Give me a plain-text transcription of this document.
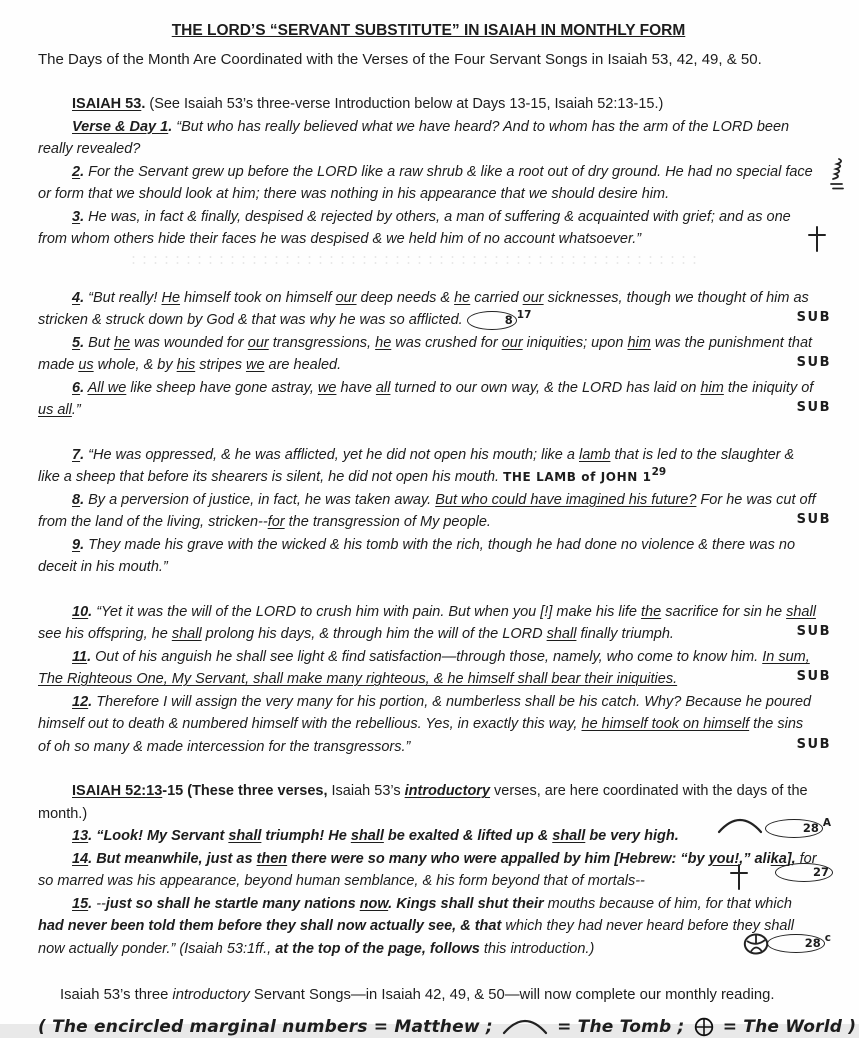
THE LORD’S “SERVANT SUBSTITUTE” IN ISAIAH IN MONTHLY FORM

The Days of the Month Are Coordinated with the Verses of the Four Servant Songs in Isaiah 53, 42, 49, & 50.

ISAIAH 53. (See Isaiah 53’s three-verse Introduction below at Days 13-15, Isaiah 52:13-15.)

Verse & Day 1. “But who has really believed what we have heard? And to whom has the arm of the LORD been really revealed?

2. For the Servant grew up before the LORD like a raw shrub & like a root out of dry ground. He had no special face or form that we should look at him; there was nothing in his appearance that we should desire him.

3. He was, in fact & finally, despised & rejected by others, a man of suffering & acquainted with grief; and as one from whom others hide their faces he was despised & we held him of no account whatsoever.”

4. “But really! He himself took on himself our deep needs & he carried our sicknesses, though we thought of him as stricken & struck down by God & that was why he was so afflicted.	8 $^{17}$	SUB

5. But he was wounded for our transgressions, he was crushed for our iniquities; upon him was the punishment that made us whole, & by his stripes we are healed.	SUB

6. All we like sheep have gone astray, we have all turned to our own way, & the LORD has laid on him the iniquity of us all.”	SUB

7. “He was oppressed, & he was afflicted, yet he did not open his mouth; like a lamb that is led to the slaughter & like a sheep that before its shearers is silent, he did not open his mouth. THE LAMB of JOHN $1^{29}$

8. By a perversion of justice, in fact, he was taken away. But who could have imagined his future? For he was cut off from the land of the living, stricken--for the transgression of My people.	SUB

9. They made his grave with the wicked & his tomb with the rich, though he had done no violence & there was no deceit in his mouth.”

10. “Yet it was the will of the LORD to crush him with pain. But when you [!] make his life the sacrifice for sin he shall see his offspring, he shall prolong his days, & through him the will of the LORD shall finally triumph.	SUB

11. Out of his anguish he shall see light & find satisfaction—through those, namely, who come to know him. In sum, The Righteous One, My Servant, shall make many righteous, & he himself shall bear their iniquities.	SUB

12. Therefore I will assign the very many for his portion, & numberless shall be his catch. Why? Because he poured himself out to death & numbered himself with the rebellious. Yes, in exactly this way, he himself took on himself the sins of oh so many & made intercession for the transgressors.”	SUB

ISAIAH 52:13-15 (These three verses, Isaiah 53’s introductory verses, are here coordinated with the days of the month.)

13. “Look! My Servant shall triumph! He shall be exalted & lifted up & shall be very high.	28 $^A$

14. But meanwhile, just as then there were so many who were appalled by him [Hebrew: “by you!,” alika], for so marred was his appearance, beyond human semblance, & his form beyond that of mortals--
27

15. --just so shall he startle many nations now. Kings shall shut their mouths because of him, for that which had never been told them before they shall now actually see, & that which they had never heard before they shall now actually ponder.” (Isaiah 53:1ff., at the top of the page, follows this introduction.)	28 $^c$

Isaiah 53’s three introductory Servant Songs—in Isaiah 42, 49, & 50—will now complete our monthly reading.

( The encircled marginal numbers = Matthew ;	= The Tomb ;
= The World )
